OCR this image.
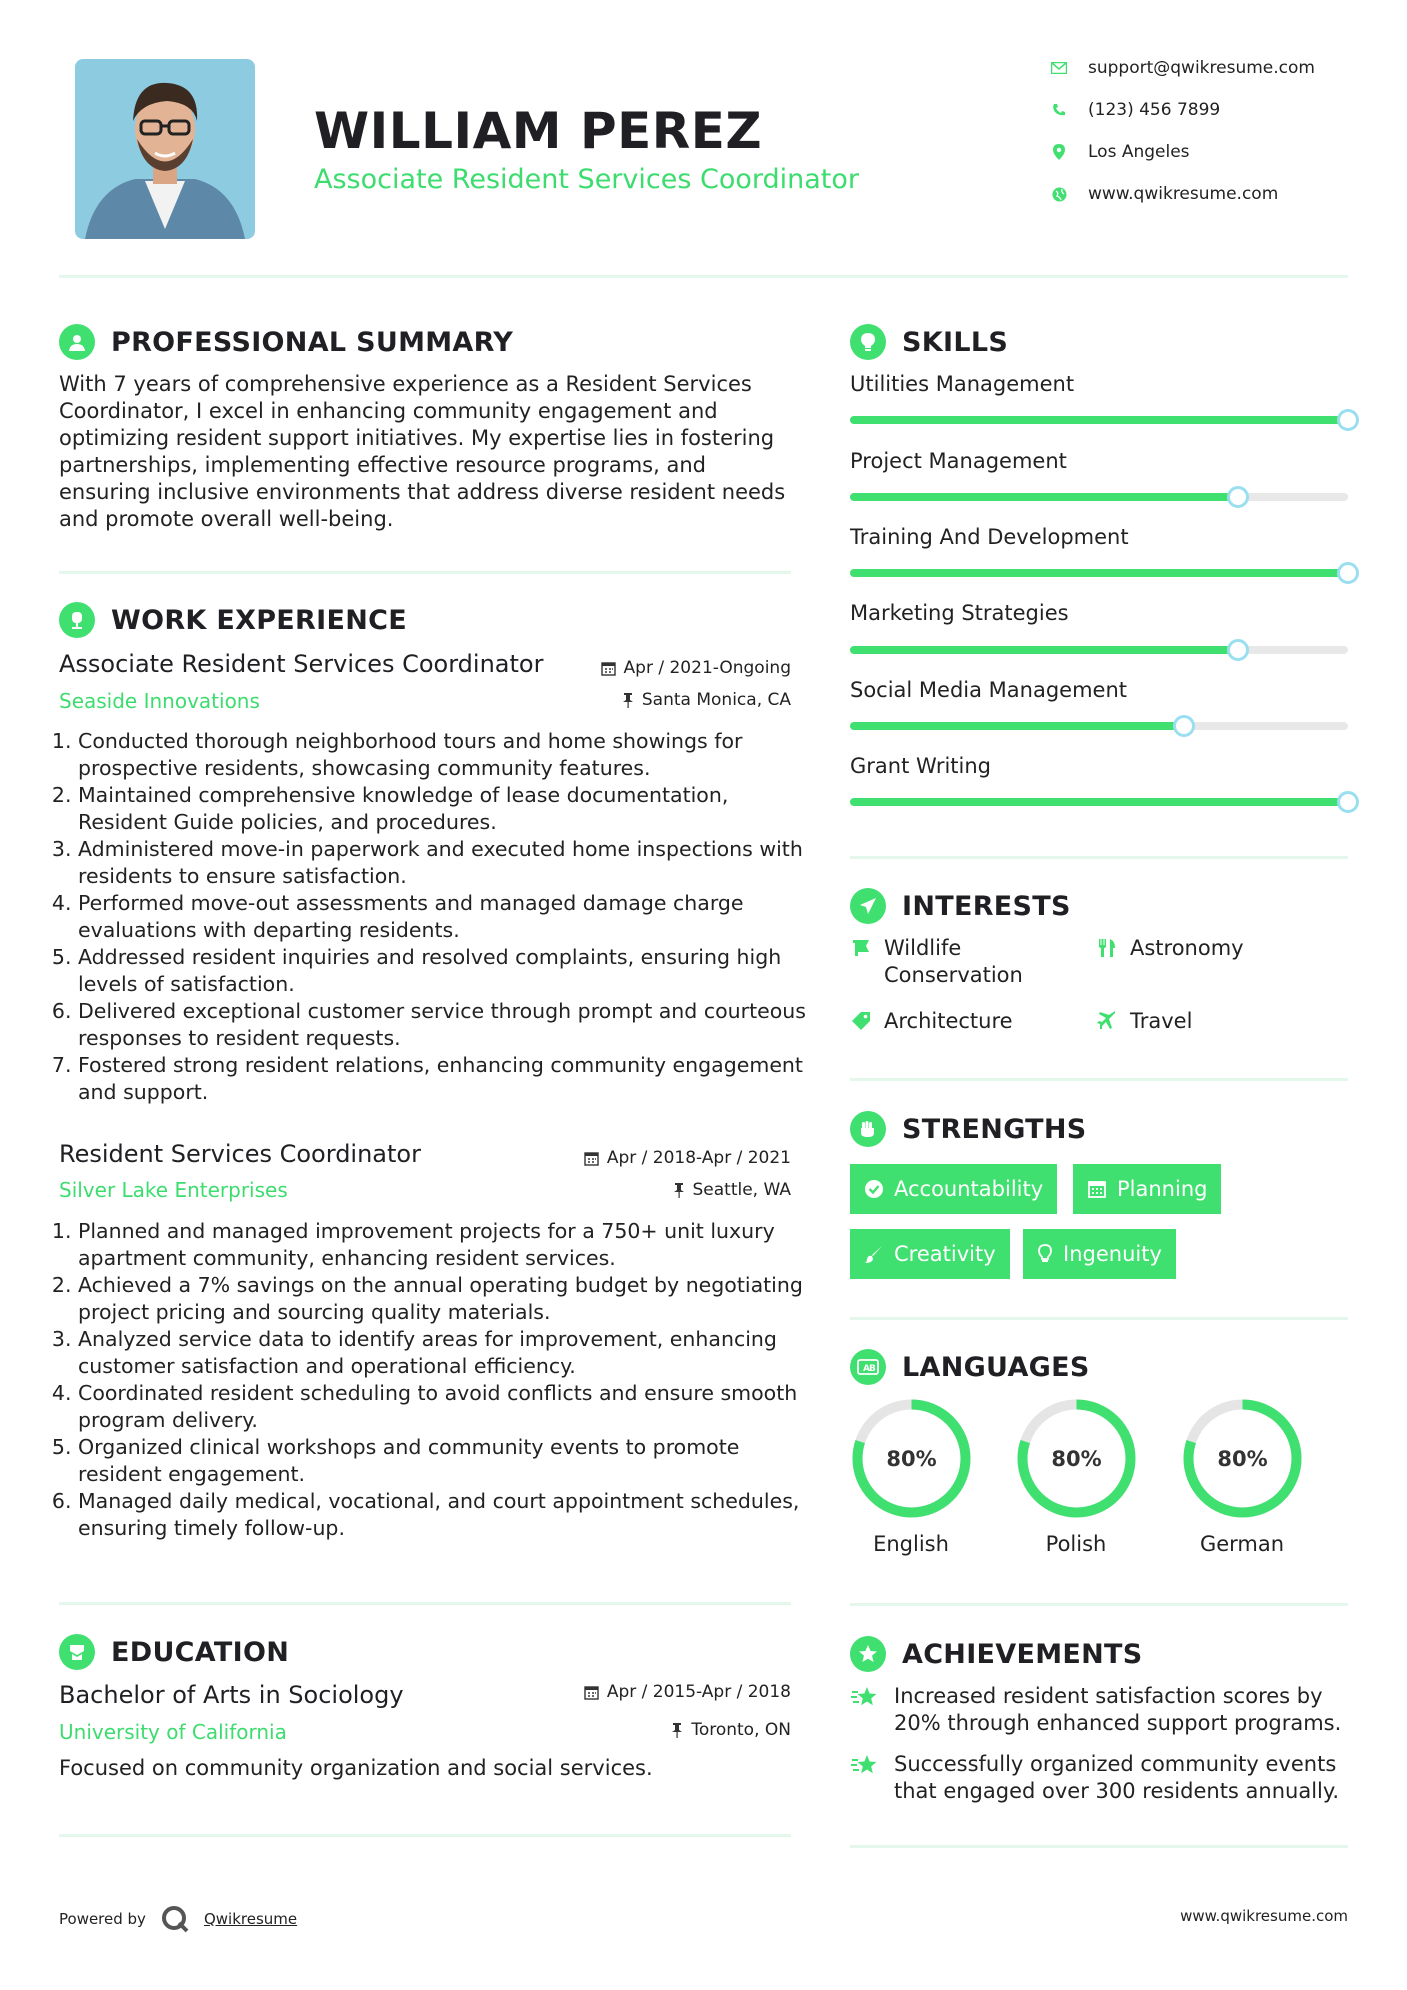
WILLIAM PEREZ
Associate Resident Services Coordinator
support@qwikresume.com
(123) 456 7899
Los Angeles
www.qwikresume.com
PROFESSIONAL SUMMARY
With 7 years of comprehensive experience as a Resident Services Coordinator, I excel in enhancing community engagement and optimizing resident support initiatives. My expertise lies in fostering partnerships, implementing effective resource programs, and ensuring inclusive environments that address diverse resident needs and promote overall well-being.
WORK EXPERIENCE
Associate Resident Services Coordinator
Seaside Innovations
Apr / 2021-Ongoing
Santa Monica, CA
1. Conducted thorough neighborhood tours and home showings for prospective residents, showcasing community features.
2. Maintained comprehensive knowledge of lease documentation, Resident Guide policies, and procedures.
3. Administered move-in paperwork and executed home inspections with residents to ensure satisfaction.
4. Performed move-out assessments and managed damage charge evaluations with departing residents.
5. Addressed resident inquiries and resolved complaints, ensuring high levels of satisfaction.
6. Delivered exceptional customer service through prompt and courteous responses to resident requests.
7. Fostered strong resident relations, enhancing community engagement and support.
Resident Services Coordinator
Silver Lake Enterprises
Apr / 2018-Apr / 2021
Seattle, WA
1. Planned and managed improvement projects for a 750+ unit luxury apartment community, enhancing resident services.
2. Achieved a 7% savings on the annual operating budget by negotiating project pricing and sourcing quality materials.
3. Analyzed service data to identify areas for improvement, enhancing customer satisfaction and operational efficiency.
4. Coordinated resident scheduling to avoid conflicts and ensure smooth program delivery.
5. Organized clinical workshops and community events to promote resident engagement.
6. Managed daily medical, vocational, and court appointment schedules, ensuring timely follow-up.
EDUCATION
Bachelor of Arts in Sociology
University of California
Apr / 2015-Apr / 2018
Toronto, ON
Focused on community organization and social services.
SKILLS
Utilities Management
Project Management
Training And Development
Marketing Strategies
Social Media Management
Grant Writing
INTERESTS
Wildlife Conservation
Astronomy
Architecture	Travel
STRENGTHS
Accountability	Planning
Creativity	Ingenuity
A B LANGUAGES
80%
English
80%
Polish
80%
German
ACHIEVEMENTS
Increased resident satisfaction scores by 20% through enhanced support programs.
Successfully organized community events that engaged over 300 residents annually.
Powered by	Qwikresume	www.qwikresume.com
